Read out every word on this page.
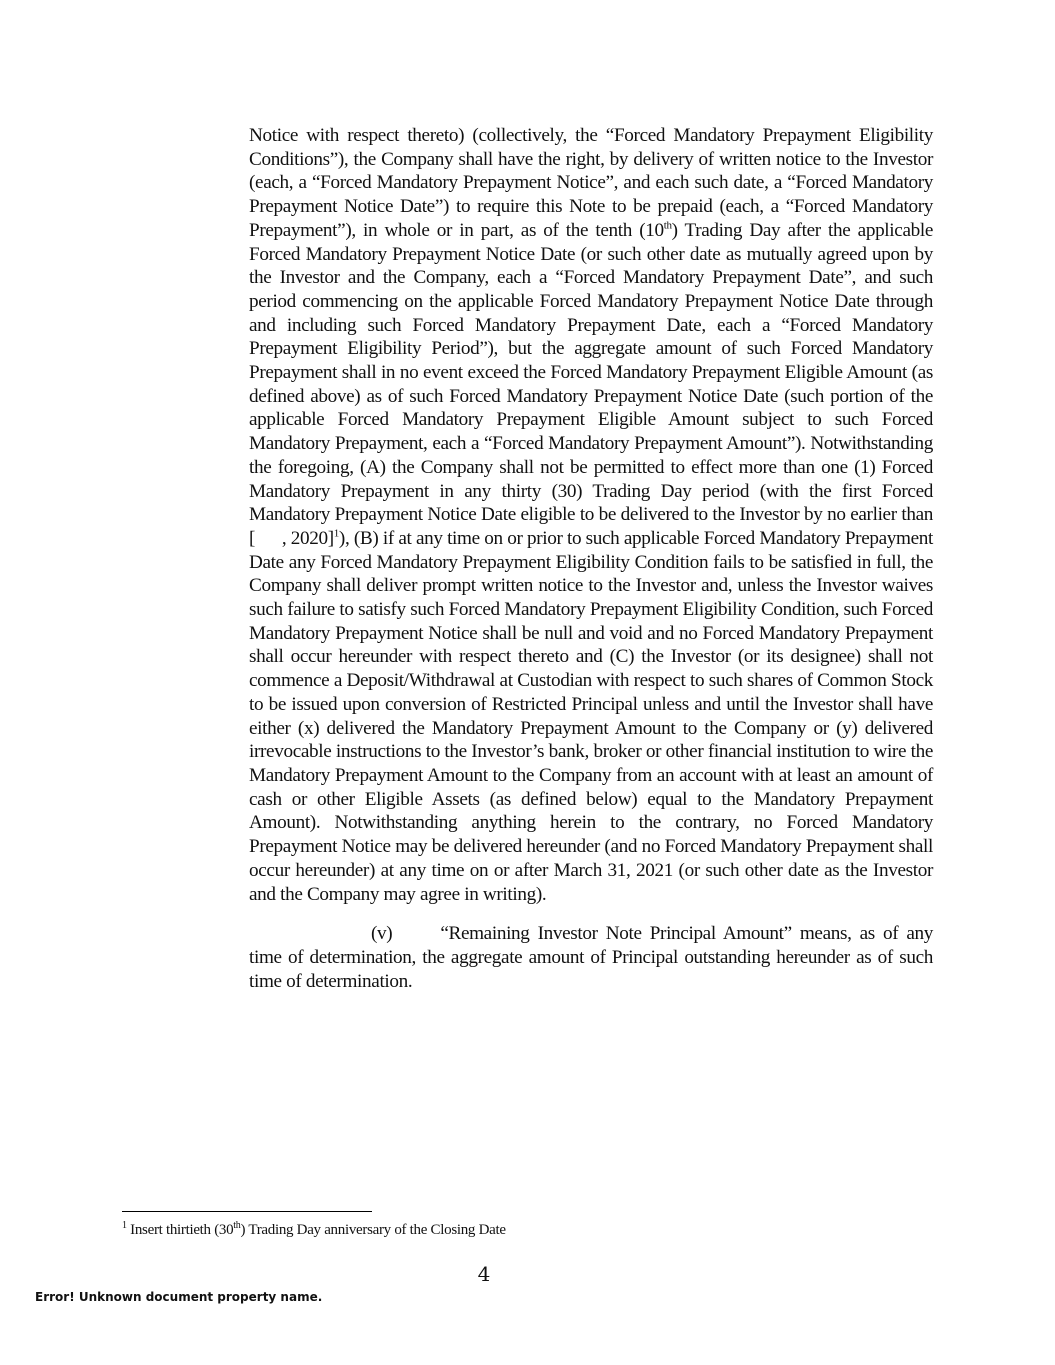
Notice with respect thereto) (collectively, the “Forced Mandatory Prepayment Eligibility Conditions”), the Company shall have the right, by delivery of written notice to the Investor (each, a “Forced Mandatory Prepayment Notice”, and each such date, a “Forced Mandatory Prepayment Notice Date”) to require this Note to be prepaid (each, a “Forced Mandatory Prepayment”), in whole or in part, as of the tenth (10th) Trading Day after the applicable Forced Mandatory Prepayment Notice Date (or such other date as mutually agreed upon by the Investor and the Company, each a “Forced Mandatory Prepayment Date”, and such period commencing on the applicable Forced Mandatory Prepayment Notice Date through and including such Forced Mandatory Prepayment Date, each a “Forced Mandatory Prepayment Eligibility Period”), but the aggregate amount of such Forced Mandatory Prepayment shall in no event exceed the Forced Mandatory Prepayment Eligible Amount (as defined above) as of such Forced Mandatory Prepayment Notice Date (such portion of the applicable Forced Mandatory Prepayment Eligible Amount subject to such Forced Mandatory Prepayment, each a “Forced Mandatory Prepayment Amount”). Notwithstanding the foregoing, (A) the Company shall not be permitted to effect more than one (1) Forced Mandatory Prepayment in any thirty (30) Trading Day period (with the first Forced Mandatory Prepayment Notice Date eligible to be delivered to the Investor by no earlier than [      , 2020]$^1$), (B) if at any time on or prior to such applicable Forced Mandatory Prepayment Date any Forced Mandatory Prepayment Eligibility Condition fails to be satisfied in full, the Company shall deliver prompt written notice to the Investor and, unless the Investor waives such failure to satisfy such Forced Mandatory Prepayment Eligibility Condition, such Forced Mandatory Prepayment Notice shall be null and void and no Forced Mandatory Prepayment shall occur hereunder with respect thereto and (C) the Investor (or its designee) shall not commence a Deposit/Withdrawal at Custodian with respect to such shares of Common Stock to be issued upon conversion of Restricted Principal unless and until the Investor shall have either (x) delivered the Mandatory Prepayment Amount to the Company or (y) delivered irrevocable instructions to the Investor’s bank, broker or other financial institution to wire the Mandatory Prepayment Amount to the Company from an account with at least an amount of cash or other Eligible Assets (as defined below) equal to the Mandatory Prepayment Amount). Notwithstanding anything herein to the contrary, no Forced Mandatory Prepayment Notice may be delivered hereunder (and no Forced Mandatory Prepayment shall occur hereunder) at any time on or after March 31, 2021 (or such other date as the Investor and the Company may agree in writing).

(v)	“Remaining Investor Note Principal Amount” means, as of any time of determination, the aggregate amount of Principal outstanding hereunder as of such time of determination.

$^1$ Insert thirtieth (30th) Trading Day anniversary of the Closing Date
4
Error! Unknown document property name.
